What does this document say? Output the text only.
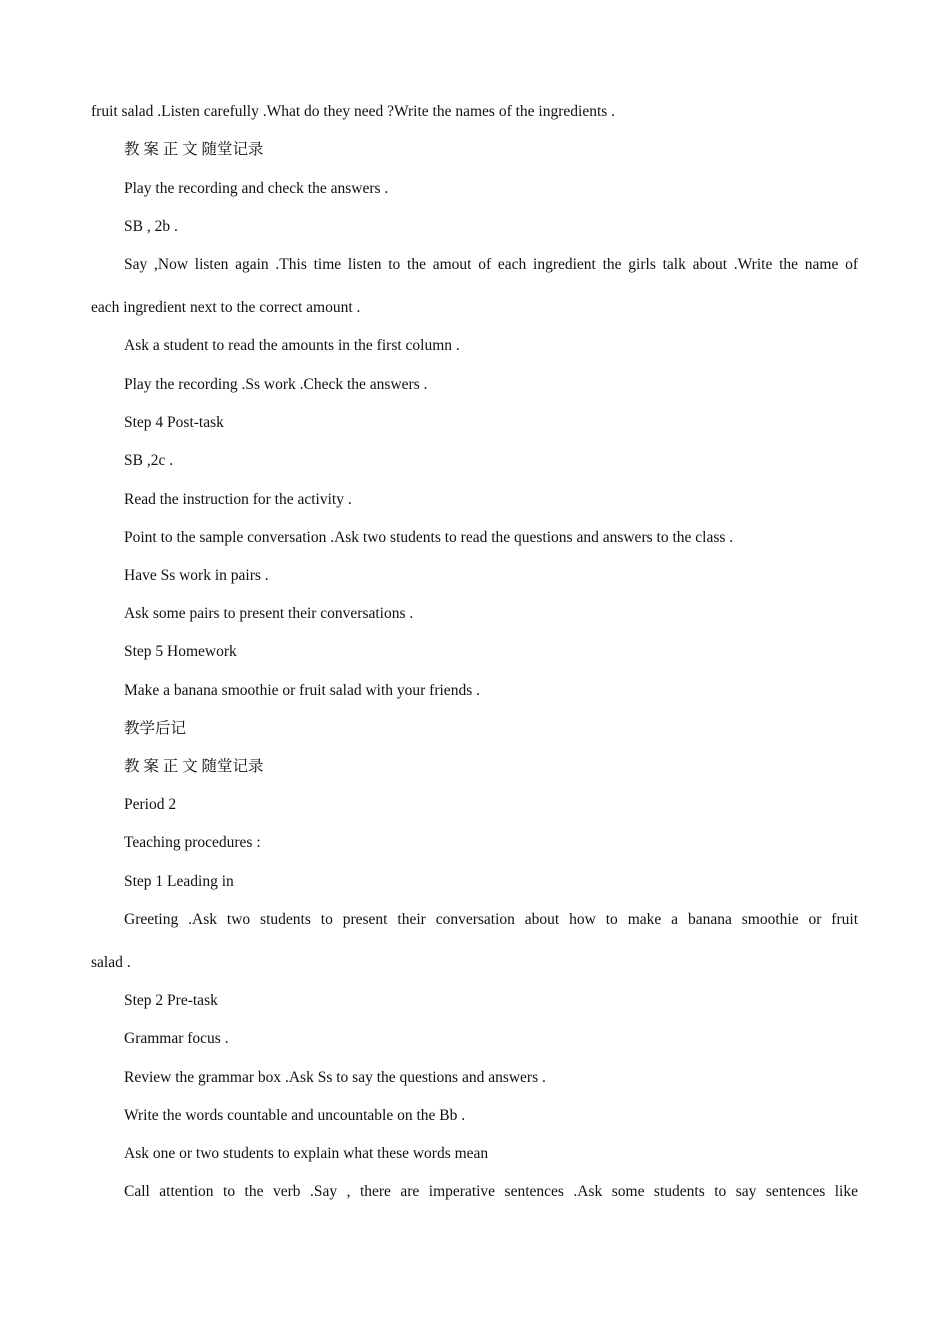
fruit salad .Listen carefully .What do they need ?Write the names of the ingredients .
教 案 正 文 随堂记录
Play the recording and check the answers .
SB , 2b .
Say ,Now listen again .This time listen to the amout of each ingredient the girls talk about .Write the name of
each ingredient next to the correct amount .
Ask a student to read the amounts in the first column .
Play the recording .Ss work .Check the answers .
Step 4 Post-task
SB ,2c .
Read the instruction for the activity .
Point to the sample conversation .Ask two students to read the questions and answers to the class .
Have Ss work in pairs .
Ask some pairs to present their conversations .
Step 5 Homework
Make a banana smoothie or fruit salad with your friends .
教学后记
教 案 正 文 随堂记录
Period 2
Teaching procedures :
Step 1 Leading in
Greeting .Ask two students to present their conversation about how to make a banana smoothie or fruit
salad .
Step 2 Pre-task
Grammar focus .
Review the grammar box .Ask Ss to say the questions and answers .
Write the words countable and uncountable on the Bb .
Ask one or two students to explain what these words mean
Call attention to the verb .Say , there are imperative sentences .Ask some students to say sentences like
